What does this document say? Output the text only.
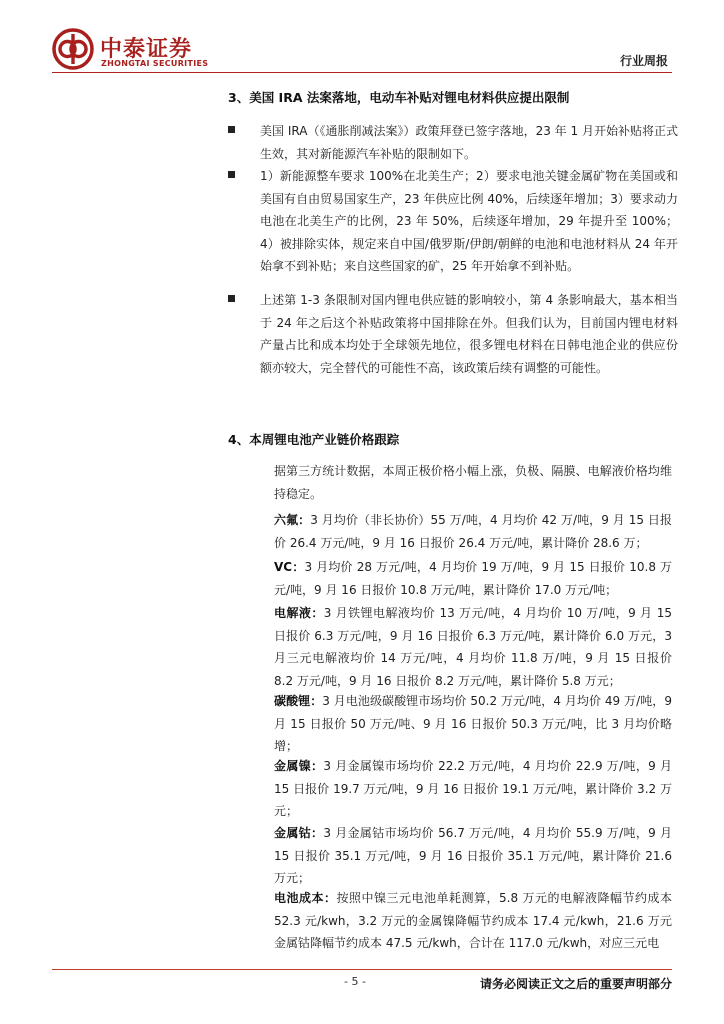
中泰证券
ZHONGTAI SECURITIES	行业周报
3、美国 IRA 法案落地，电动车补贴对锂电材料供应提出限制
美国 IRA（《通胀削减法案》）政策拜登已签字落地，23 年 1 月开始补贴将正式生效，其对新能源汽车补贴的限制如下。
1）新能源整车要求 100%在北美生产；2）要求电池关键金属矿物在美国或和美国有自由贸易国家生产，23 年供应比例 40%，后续逐年增加；3）要求动力电池在北美生产的比例，23 年 50%，后续逐年增加，29 年提升至 100%；4）被排除实体，规定来自中国/俄罗斯/伊朗/朝鲜的电池和电池材料从 24 年开始拿不到补贴；来自这些国家的矿，25 年开始拿不到补贴。
上述第 1-3 条限制对国内锂电供应链的影响较小，第 4 条影响最大，基本相当于 24 年之后这个补贴政策将中国排除在外。但我们认为，目前国内锂电材料产量占比和成本均处于全球领先地位，很多锂电材料在日韩电池企业的供应份额亦较大，完全替代的可能性不高，该政策后续有调整的可能性。
4、本周锂电池产业链价格跟踪
据第三方统计数据，本周正极价格小幅上涨，负极、隔膜、电解液价格均维持稳定。
六氟：3 月均价（非长协价）55 万/吨，4 月均价 42 万/吨，9 月 15 日报价 26.4 万元/吨，9 月 16 日报价 26.4 万元/吨，累计降价 28.6 万；
VC：3 月均价 28 万元/吨，4 月均价 19 万/吨，9 月 15 日报价 10.8 万元/吨，9 月 16 日报价 10.8 万元/吨，累计降价 17.0 万元/吨；
电解液：3 月铁锂电解液均价 13 万元/吨，4 月均价 10 万/吨，9 月 15 日报价 6.3 万元/吨，9 月 16 日报价 6.3 万元/吨，累计降价 6.0 万元，3 月三元电解液均价 14 万元/吨，4 月均价 11.8 万/吨，9 月 15 日报价 8.2 万元/吨，9 月 16 日报价 8.2 万元/吨，累计降价 5.8 万元；
碳酸锂：3 月电池级碳酸锂市场均价 50.2 万元/吨，4 月均价 49 万/吨，9 月 15 日报价 50 万元/吨、9 月 16 日报价 50.3 万元/吨，比 3 月均价略增；
金属镍：3 月金属镍市场均价 22.2 万元/吨，4 月均价 22.9 万/吨，9 月 15 日报价 19.7 万元/吨，9 月 16 日报价 19.1 万元/吨，累计降价 3.2 万元；
金属钴：3 月金属钴市场均价 56.7 万元/吨，4 月均价 55.9 万/吨，9 月 15 日报价 35.1 万元/吨，9 月 16 日报价 35.1 万元/吨，累计降价 21.6 万元；
电池成本：按照中镍三元电池单耗测算，5.8 万元的电解液降幅节约成本 52.3 元/kwh，3.2 万元的金属镍降幅节约成本 17.4 元/kwh，21.6 万元金属钴降幅节约成本 47.5 元/kwh，合计在 117.0 元/kwh，对应三元电
- 5 -	请务必阅读正文之后的重要声明部分
